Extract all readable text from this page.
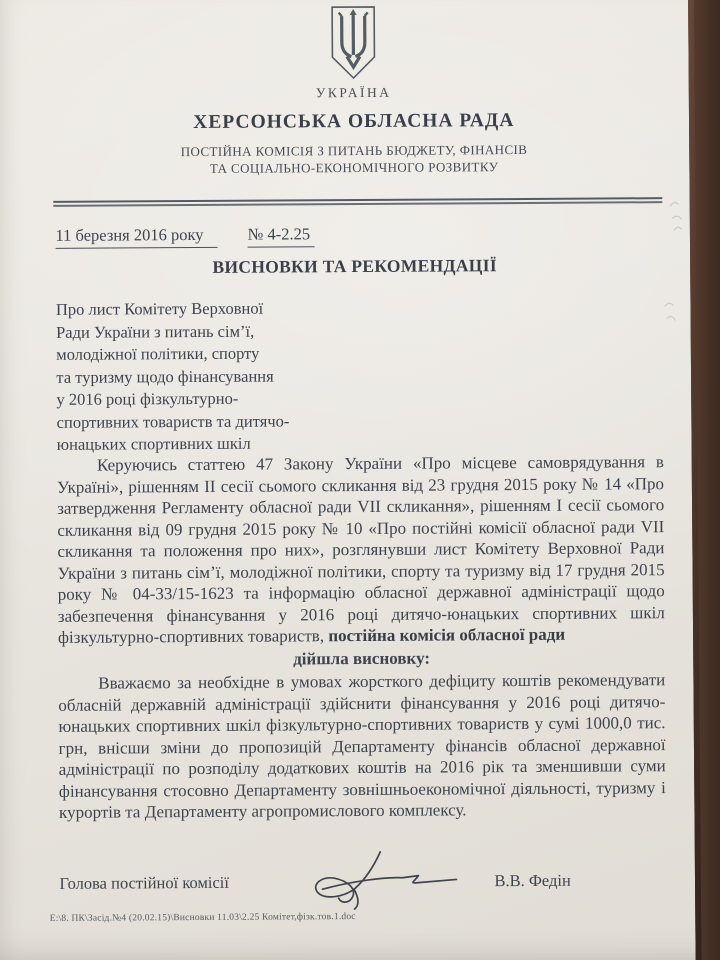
УКРАЇНА
ХЕРСОНСЬКА ОБЛАСНА РАДА
ПОСТІЙНА КОМІСІЯ З ПИТАНЬ БЮДЖЕТУ, ФІНАНСІВ
ТА СОЦІАЛЬНО-ЕКОНОМІЧНОГО РОЗВИТКУ
11 березня 2016 року	№ 4-2.25
ВИСНОВКИ ТА РЕКОМЕНДАЦІЇ
Про лист Комітету Верховної
Ради України з питань сім’ї,
молодіжної політики, спорту
та туризму щодо фінансування
у 2016 році фізкультурно-
спортивних товариств та дитячо-
юнацьких спортивних шкіл

Керуючись статтею 47 Закону України «Про місцеве самоврядування в Україні», рішенням ІІ сесії сьомого скликання від 23 грудня 2015 року № 14 «Про затвердження Регламенту обласної ради VII скликання», рішенням І сесії сьомого скликання від 09 грудня 2015 року № 10 «Про постійні комісії обласної ради VII скликання та положення про них», розглянувши лист Комітету Верховної Ради України з питань сім’ї, молодіжної політики, спорту та туризму від 17 грудня 2015 року № 04-33/15-1623 та інформацію обласної державної адміністрації щодо забезпечення фінансування у 2016 році дитячо-юнацьких спортивних шкіл фізкультурно-спортивних товариств, постійна комісія обласної ради

дійшла висновку:

Вважаємо за необхідне в умовах жорсткого дефіциту коштів рекомендувати обласній державній адміністрації здійснити фінансування у 2016 році дитячо-юнацьких спортивних шкіл фізкультурно-спортивних товариств у сумі 1000,0 тис. грн, внісши зміни до пропозицій Департаменту фінансів обласної державної адміністрації по розподілу додаткових коштів на 2016 рік та зменшивши суми фінансування стосовно Департаменту зовнішньоекономічної діяльності, туризму і курортів та Департаменту агропромислового комплексу.

Голова постійної комісії	В.В. Федін
Е:\8. ПК\Засід.№4 (20.02.15)\Висновки 11.03\2.25 Комітет,фізк.тов.1.doc
